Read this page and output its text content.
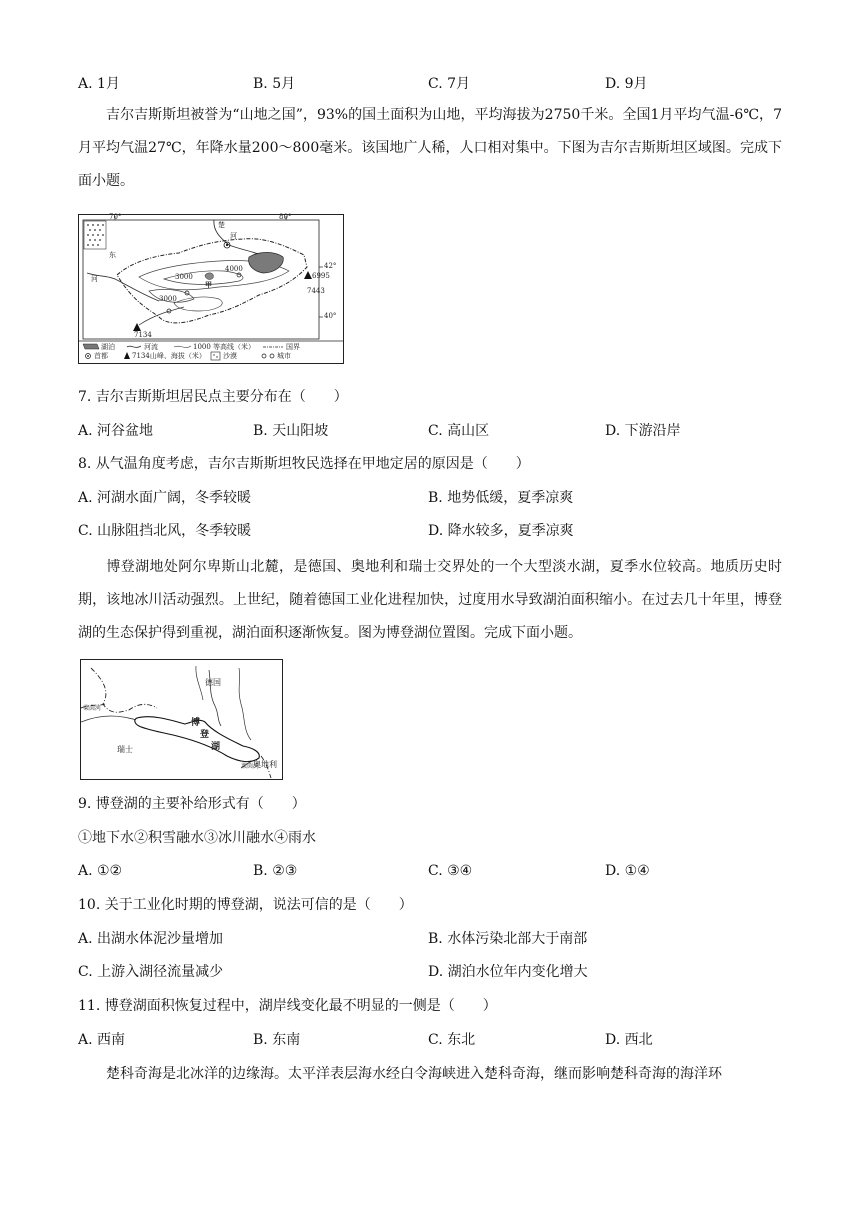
A. 1月	B. 5月	C. 7月	D. 9月
吉尔吉斯斯坦被誉为“山地之国”，93%的国土面积为山地，平均海拔为2750千米。全国1月平均气温-6℃，7月平均气温27℃，年降水量200～800毫米。该国地广人稀，人口相对集中。下图为吉尔吉斯斯坦区域图。完成下面小题。
70°	80°
42°
40°
河
东
楚
河
甲
3000
3000
4000
6995
7443
7134
湖泊	河流	1000 等高线（米）	国界
首都	7134山峰、海拔（米） 沙漠	城市
7. 吉尔吉斯斯坦居民点主要分布在（　　）
A. 河谷盆地	B. 天山阳坡	C. 高山区	D. 下游沿岸
8. 从气温角度考虑，吉尔吉斯斯坦牧民选择在甲地定居的原因是（　　）
A. 河湖水面广阔，冬季较暖	B. 地势低缓，夏季凉爽
C. 山脉阻挡北风，冬季较暖	D. 降水较多，夏季凉爽
博登湖地处阿尔卑斯山北麓，是德国、奥地利和瑞士交界处的一个大型淡水湖，夏季水位较高。地质历史时期，该地冰川活动强烈。上世纪，随着德国工业化进程加快，过度用水导致湖泊面积缩小。在过去几十年里，博登湖的生态保护得到重视，湖泊面积逐渐恢复。图为博登湖位置图。完成下面小题。
德国
瑞士
奥地利
博
登
湖
莱茵河
莱茵河
9. 博登湖的主要补给形式有（　　）
①地下水②积雪融水③冰川融水④雨水
A. ①②	B. ②③	C. ③④	D. ①④
10. 关于工业化时期的博登湖，说法可信的是（　　）
A. 出湖水体泥沙量增加	B. 水体污染北部大于南部
C. 上游入湖径流量减少	D. 湖泊水位年内变化增大
11. 博登湖面积恢复过程中，湖岸线变化最不明显的一侧是（　　）
A. 西南	B. 东南	C. 东北	D. 西北
楚科奇海是北冰洋的边缘海。太平洋表层海水经白令海峡进入楚科奇海，继而影响楚科奇海的海洋环
